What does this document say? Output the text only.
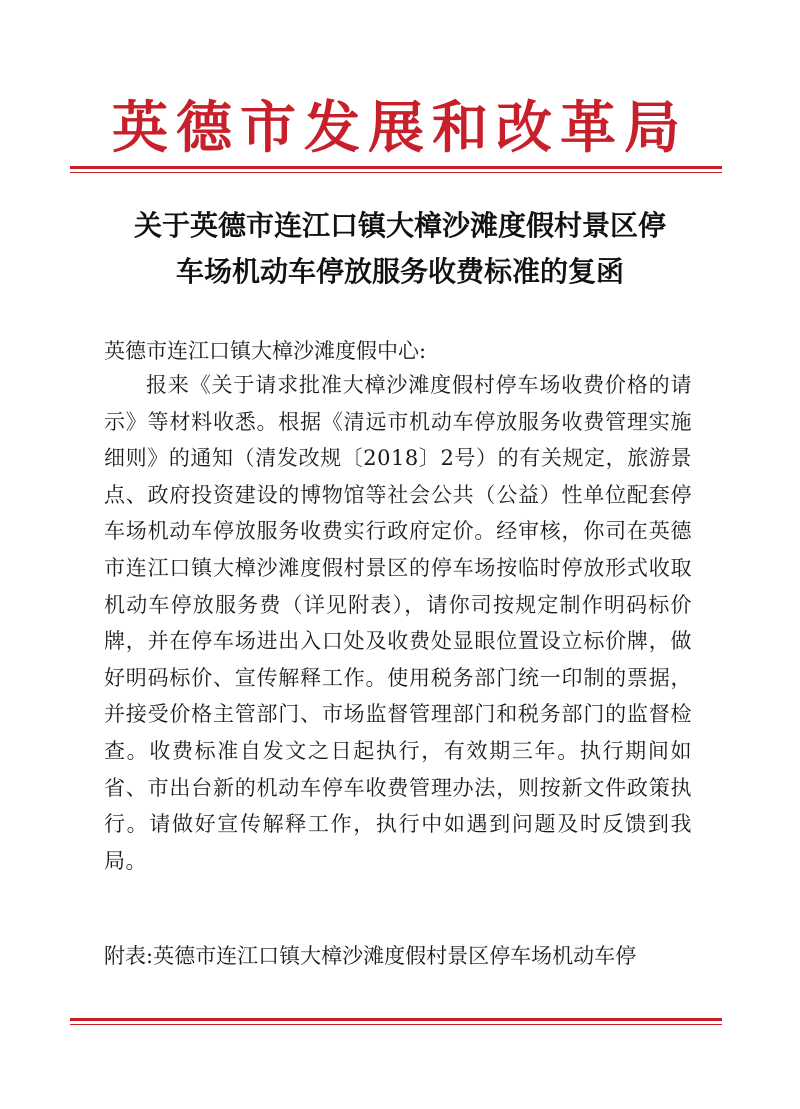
英德市发展和改革局
关于英德市连江口镇大樟沙滩度假村景区停
车场机动车停放服务收费标准的复函
英德市连江口镇大樟沙滩度假中心:
报来《关于请求批准大樟沙滩度假村停车场收费价格的请示》等材料收悉。根据《清远市机动车停放服务收费管理实施细则》的通知（清发改规〔2018〕2号）的有关规定，旅游景点、政府投资建设的博物馆等社会公共（公益）性单位配套停车场机动车停放服务收费实行政府定价。经审核，你司在英德市连江口镇大樟沙滩度假村景区的停车场按临时停放形式收取机动车停放服务费（详见附表），请你司按规定制作明码标价牌，并在停车场进出入口处及收费处显眼位置设立标价牌，做好明码标价、宣传解释工作。使用税务部门统一印制的票据，并接受价格主管部门、市场监督管理部门和税务部门的监督检查。收费标准自发文之日起执行，有效期三年。执行期间如省、市出台新的机动车停车收费管理办法，则按新文件政策执行。请做好宣传解释工作，执行中如遇到问题及时反馈到我局。
附表:英德市连江口镇大樟沙滩度假村景区停车场机动车停
